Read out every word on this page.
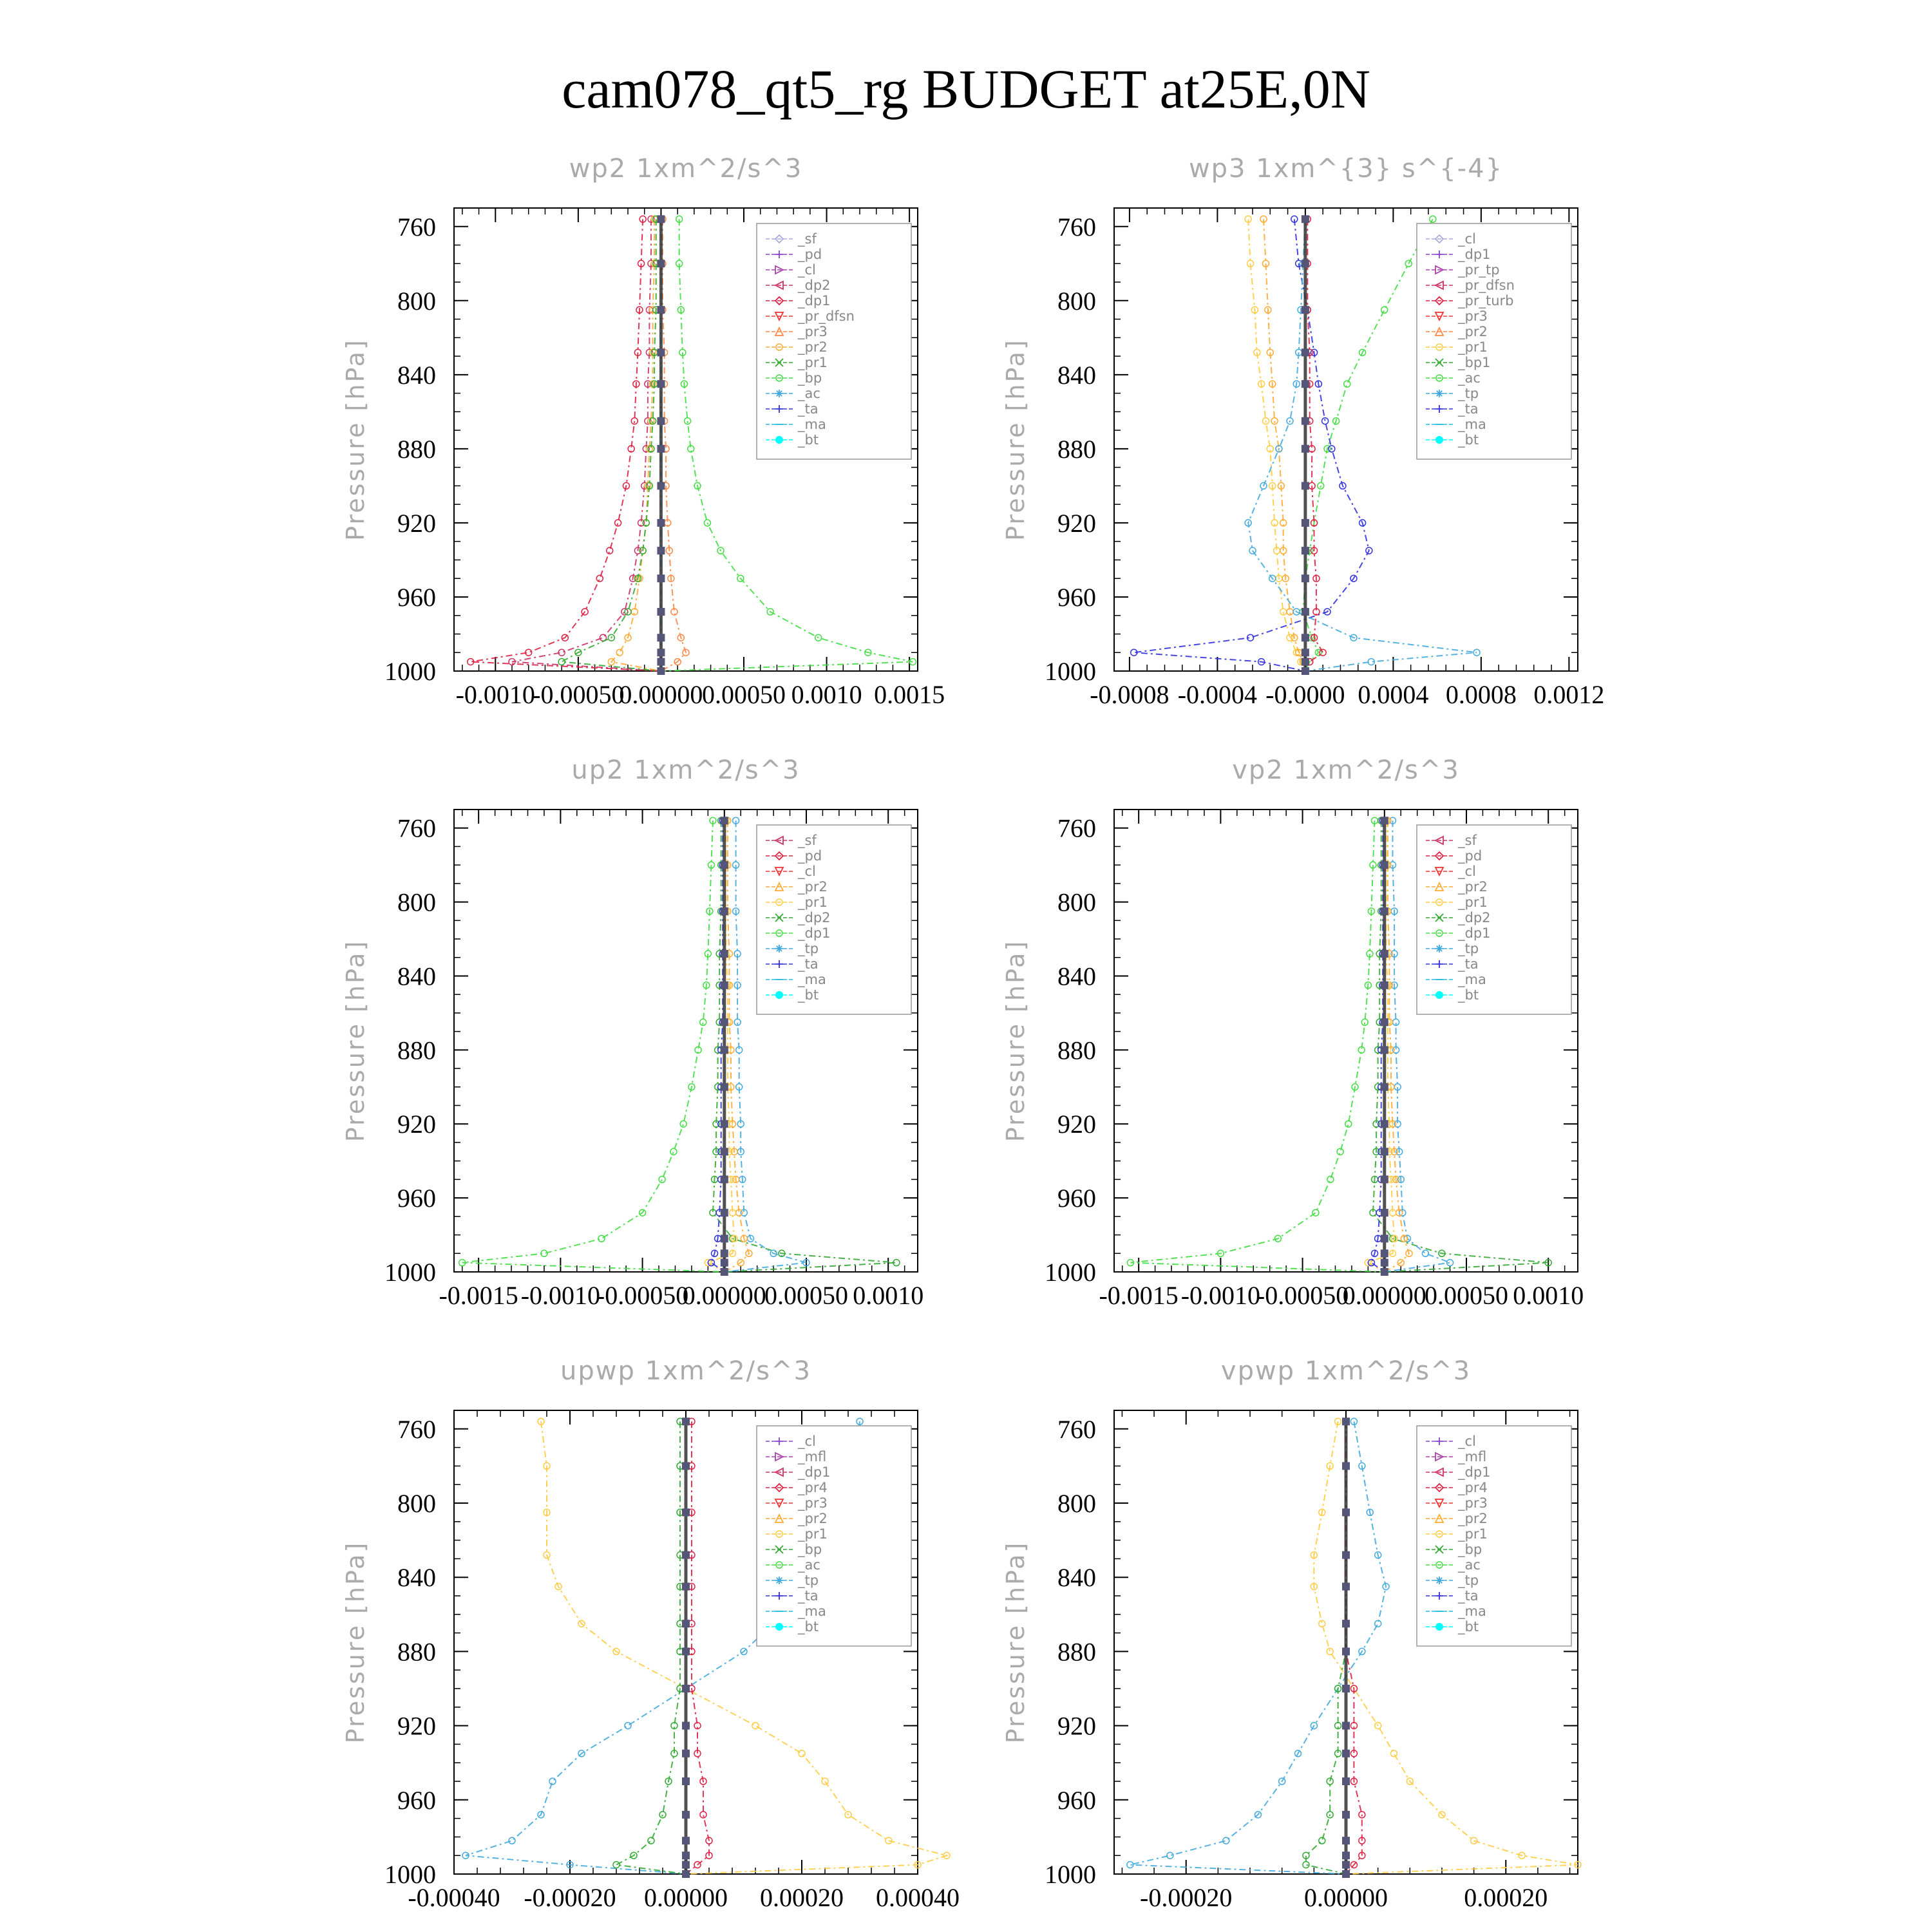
cam078_qt5_rg BUDGET at25E,0N
wp2 1xm^2/s^3
Pressure [hPa]
760
800
840
880
920
960
1000
-0.0010
-0.00050
0.00000
0.00050 0.0010 0.0015
_sf
_pd
_cl
_dp2
_dp1
_pr_dfsn
_pr3
_pr2
_pr1
_bp
_ac
_ta
_ma
_bt
wp3 1xm^{3} s^{-4}
Pressure [hPa]
760
800
840
880
920
960
1000
-0.0008 -0.0004 -0.0000 0.0004 0.0008 0.0012
_cl
_dp1
_pr_tp
_pr_dfsn
_pr_turb
_pr3
_pr2
_pr1
_bp1
_ac
_tp
_ta
_ma
_bt
up2 1xm^2/s^3
Pressure [hPa]
760
800
840
880
920
960
1000
-0.0015 -0.0010
-0.00050
0.00000
0.00050 0.0010
_sf
_pd
_cl
_pr2
_pr1
_dp2
_dp1
_tp
_ta
_ma
_bt
vp2 1xm^2/s^3
Pressure [hPa]
760
800
840
880
920
960
1000
-0.0015 -0.0010
-0.00050
0.00000
0.00050 0.0010
_sf
_pd
_cl
_pr2
_pr1
_dp2
_dp1
_tp
_ta
_ma
_bt
upwp 1xm^2/s^3
Pressure [hPa]
760
800
840
880
920
960
1000
-0.00040 -0.00020 0.00000 0.00020 0.00040
_cl
_mfl
_dp1
_pr4
_pr3
_pr2
_pr1
_bp
_ac
_tp
_ta
_ma
_bt
vpwp 1xm^2/s^3
Pressure [hPa]
760
800
840
880
920
960
1000
-0.00020	0.00000	0.00020
_cl
_mfl
_dp1
_pr4
_pr3
_pr2
_pr1
_bp
_ac
_tp
_ta
_ma
_bt
